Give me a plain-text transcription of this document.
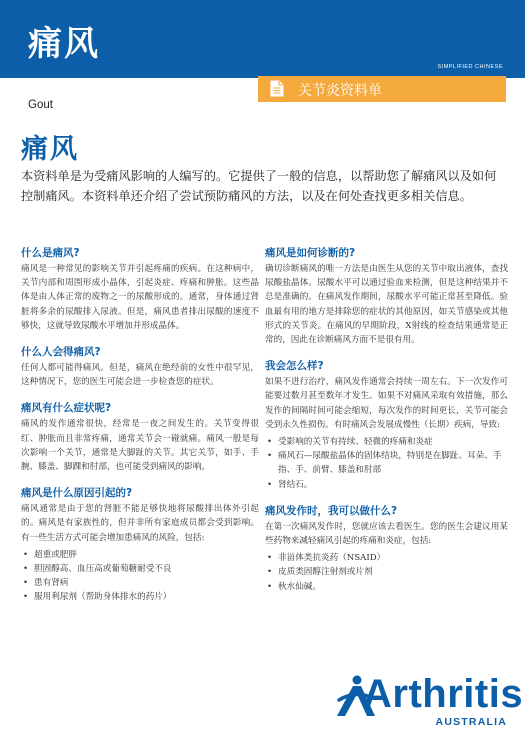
痛风
SIMPLIFIED CHINESE
关节炎资料单
Gout
痛风
本资料单是为受痛风影响的人编写的。它提供了一般的信息，以帮助您了解痛风以及如何控制痛风。本资料单还介绍了尝试预防痛风的方法，以及在何处查找更多相关信息。
什么是痛风?

痛风是一种常见的影响关节并引起疼痛的疾病。在这种病中，关节内部和周围形成小晶体，引起炎症、疼痛和肿胀。这些晶体是由人体正常的废物之一的尿酸形成的。通常，身体通过肾脏将多余的尿酸排入尿液。但是，痛风患者排出尿酸的速度不够快，这就导致尿酸水平增加并形成晶体。

什么人会得痛风?

任何人都可能得痛风。但是，痛风在绝经前的女性中很罕见，这种情况下，您的医生可能会进一步检查您的症状。

痛风有什么症状呢?

痛风的发作通常很快，经常是一夜之间发生的。关节变得很红、肿胀而且非常疼痛，通常关节会一碰就痛。痛风一般是每次影响一个关节，通常是大脚趾的关节。其它关节，如手、手腕、膝盖、脚踝和肘部，也可能受到痛风的影响。

痛风是什么原因引起的?

痛风通常是由于您的肾脏不能足够快地将尿酸排出体外引起的。痛风是有家族性的，但并非所有家庭成员都会受到影响。有一些生活方式可能会增加患痛风的风险，包括:

• 超重或肥胖
• 胆固醇高、血压高或葡萄糖耐受不良
• 患有肾病
• 服用利尿剂（帮助身体排水的药片）
痛风是如何诊断的?

确切诊断痛风的唯一方法是由医生从您的关节中取出液体，查找尿酸盐晶体。尿酸水平可以通过验血来检测，但是这种结果并不总是准确的。在痛风发作期间，尿酸水平可能正常甚至降低。验血最有用的地方是排除您的症状的其他原因，如关节感染或其他形式的关节炎。在痛风的早期阶段，X射线的检查结果通常是正常的，因此在诊断痛风方面不是很有用。

我会怎么样?

如果不进行治疗，痛风发作通常会持续一周左右。下一次发作可能要过数月甚至数年才发生。如果不对痛风采取有效措施，那么发作的间隔时间可能会缩短，每次发作的时间更长，关节可能会受到永久性损伤。有时痛风会发展成慢性（长期）疾病，导致:

• 受影响的关节有持续、轻微的疼痛和炎症
• 痛风石—尿酸盐晶体的固体结块，特别是在脚趾、耳朵、手指、手、前臂、膝盖和肘部
• 肾结石。
痛风发作时，我可以做什么?

在第一次痛风发作时，您就应该去看医生。您的医生会建议用某些药物来减轻痛风引起的疼痛和炎症，包括:

• 非甾体类抗炎药（NSAID）
• 皮质类固醇注射剂或片剂
• 秋水仙碱。
Arthritis
AUSTRALIA
